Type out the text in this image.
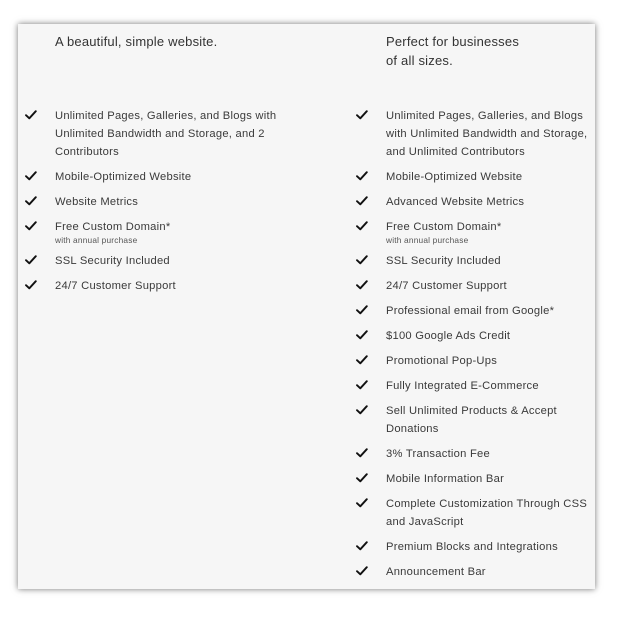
A beautiful, simple website.
Unlimited Pages, Galleries, and Blogs with Unlimited Bandwidth and Storage, and 2 Contributors
Mobile-Optimized Website
Website Metrics
Free Custom Domain*
with annual purchase
SSL Security Included
24/7 Customer Support
Perfect for businesses
of all sizes.
Unlimited Pages, Galleries, and Blogs with Unlimited Bandwidth and Storage, and Unlimited Contributors
Mobile-Optimized Website
Advanced Website Metrics
Free Custom Domain*
with annual purchase
SSL Security Included
24/7 Customer Support
Professional email from Google*
$100 Google Ads Credit
Promotional Pop-Ups
Fully Integrated E-Commerce
Sell Unlimited Products & Accept Donations
3% Transaction Fee
Mobile Information Bar
Complete Customization Through CSS and JavaScript
Premium Blocks and Integrations
Announcement Bar
